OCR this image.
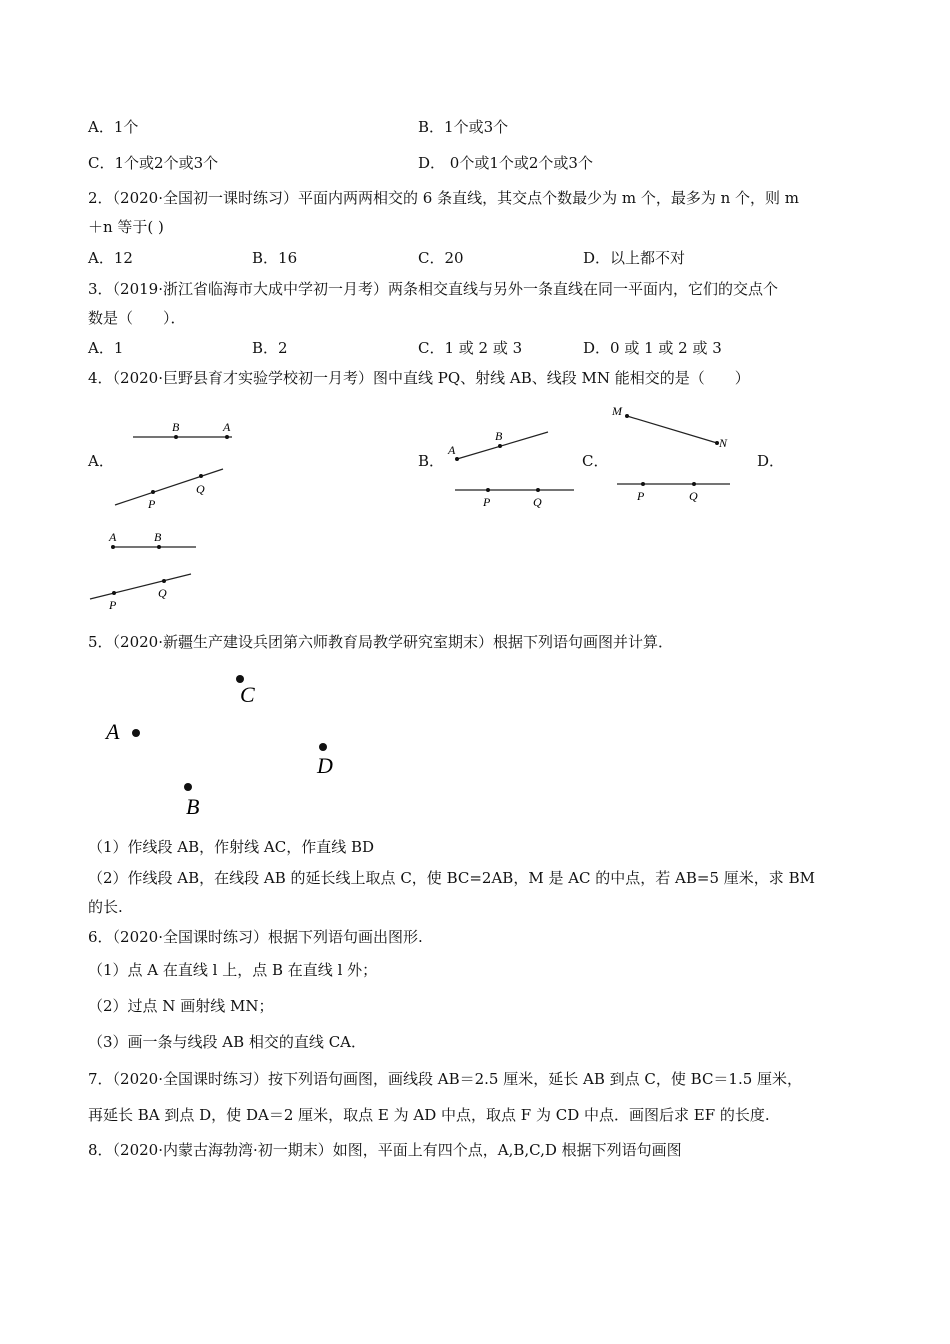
A．1个	B．1个或3个
C．1个或2个或3个	D． 0个或1个或2个或3个
2．（2020·全国初一课时练习）平面内两两相交的 6 条直线，其交点个数最少为 m 个，最多为 n 个，则 m
＋n 等于( )
A．12	B．16	C．20	D．以上都不对
3．（2019·浙江省临海市大成中学初一月考）两条相交直线与另外一条直线在同一平面内，它们的交点个
数是（　　）．
A．1	B．2	C．1 或 2 或 3	D．0 或 1 或 2 或 3
4．（2020·巨野县育才实验学校初一月考）图中直线 PQ、射线 AB、线段 MN 能相交的是（　　）
A．	B．	C．	D．
B	A
P
Q
A
B
P	Q
M
N
P	Q
A	B
P
Q
5．（2020·新疆生产建设兵团第六师教育局教学研究室期末）根据下列语句画图并计算．
C
A
D
B
（1）作线段 AB，作射线 AC，作直线 BD
（2）作线段 AB，在线段 AB 的延长线上取点 C，使 BC=2AB，M 是 AC 的中点，若 AB=5 厘米，求 BM
的长.
6．（2020·全国课时练习）根据下列语句画出图形.
（1）点 A 在直线 l 上，点 B 在直线 l 外；
（2）过点 N 画射线 MN；
（3）画一条与线段 AB 相交的直线 CA．
7．（2020·全国课时练习）按下列语句画图，画线段 AB＝2.5 厘米，延长 AB 到点 C，使 BC＝1.5 厘米，
再延长 BA 到点 D，使 DA＝2 厘米，取点 E 为 AD 中点，取点 F 为 CD 中点．画图后求 EF 的长度.
8．（2020·内蒙古海勃湾·初一期末）如图，平面上有四个点，A,B,C,D 根据下列语句画图
